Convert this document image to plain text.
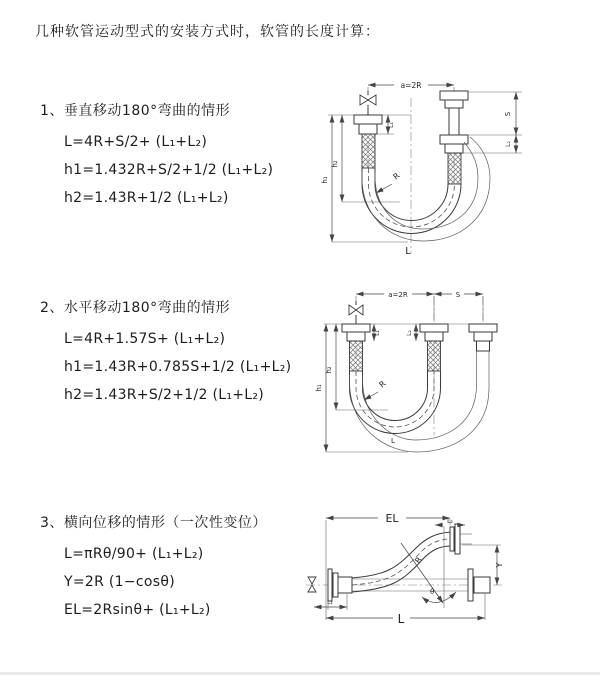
几种软管运动型式的安装方式时，软管的长度计算：
1、垂直移动180°弯曲的情形

L=4R+S/2+ (L₁+L₂)

h1=1.432R+S/2+1/2 (L₁+L₂)

h2=1.43R+1/2 (L₁+L₂)

a=2R
L₁
S
L₂
h₁
h₂
R
L
2、水平移动180°弯曲的情形

L=4R+1.57S+ (L₁+L₂)

h1=1.43R+0.785S+1/2 (L₁+L₂)

h2=1.43R+S/2+1/2 (L₁+L₂)

a=2R	S
L₁	L₂
h₁
h₂
R
L
3、横向位移的情形（一次性变位）

L=πRθ/90+ (L₁+L₂)

Y=2R (1−cosθ)

EL=2Rsinθ+ (L₁+L₂)

EL	L₂
Y
R
θ
L
L₁
